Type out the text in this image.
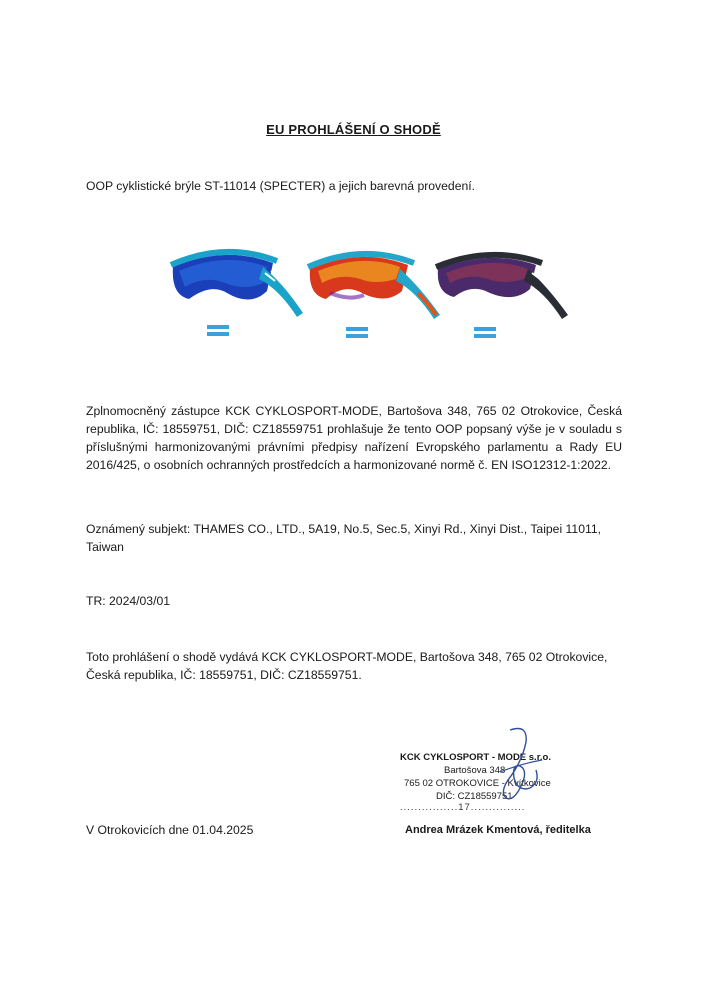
EU PROHLÁŠENÍ O SHODĚ

OOP cyklistické brýle ST-11014 (SPECTER) a jejich barevná provedení.

Zplnomocněný zástupce KCK CYKLOSPORT-MODE, Bartošova 348, 765 02 Otrokovice, Česká republika, IČ: 18559751, DIČ: CZ18559751 prohlašuje že tento OOP popsaný výše je v souladu s příslušnými harmonizovanými právními předpisy nařízení Evropského parlamentu a Rady EU 2016/425, o osobních ochranných prostředcích a harmonizované normě č. EN ISO12312-1:2022.

Oznámený subjekt: THAMES CO., LTD., 5A19, No.5, Sec.5, Xinyi Rd., Xinyi Dist., Taipei 11011, Taiwan

TR: 2024/03/01

Toto prohlášení o shodě vydává KCK CYKLOSPORT-MODE, Bartošova 348, 765 02 Otrokovice, Česká republika, IČ: 18559751, DIČ: CZ18559751.

V Otrokovicích dne 01.04.2025

KCK CYKLOSPORT - MODE s.r.o.
Bartošova 348
765 02 OTROKOVICE - Kvítkovice
DIČ: CZ18559751
................17...............
Andrea Mrázek Kmentová, ředitelka
